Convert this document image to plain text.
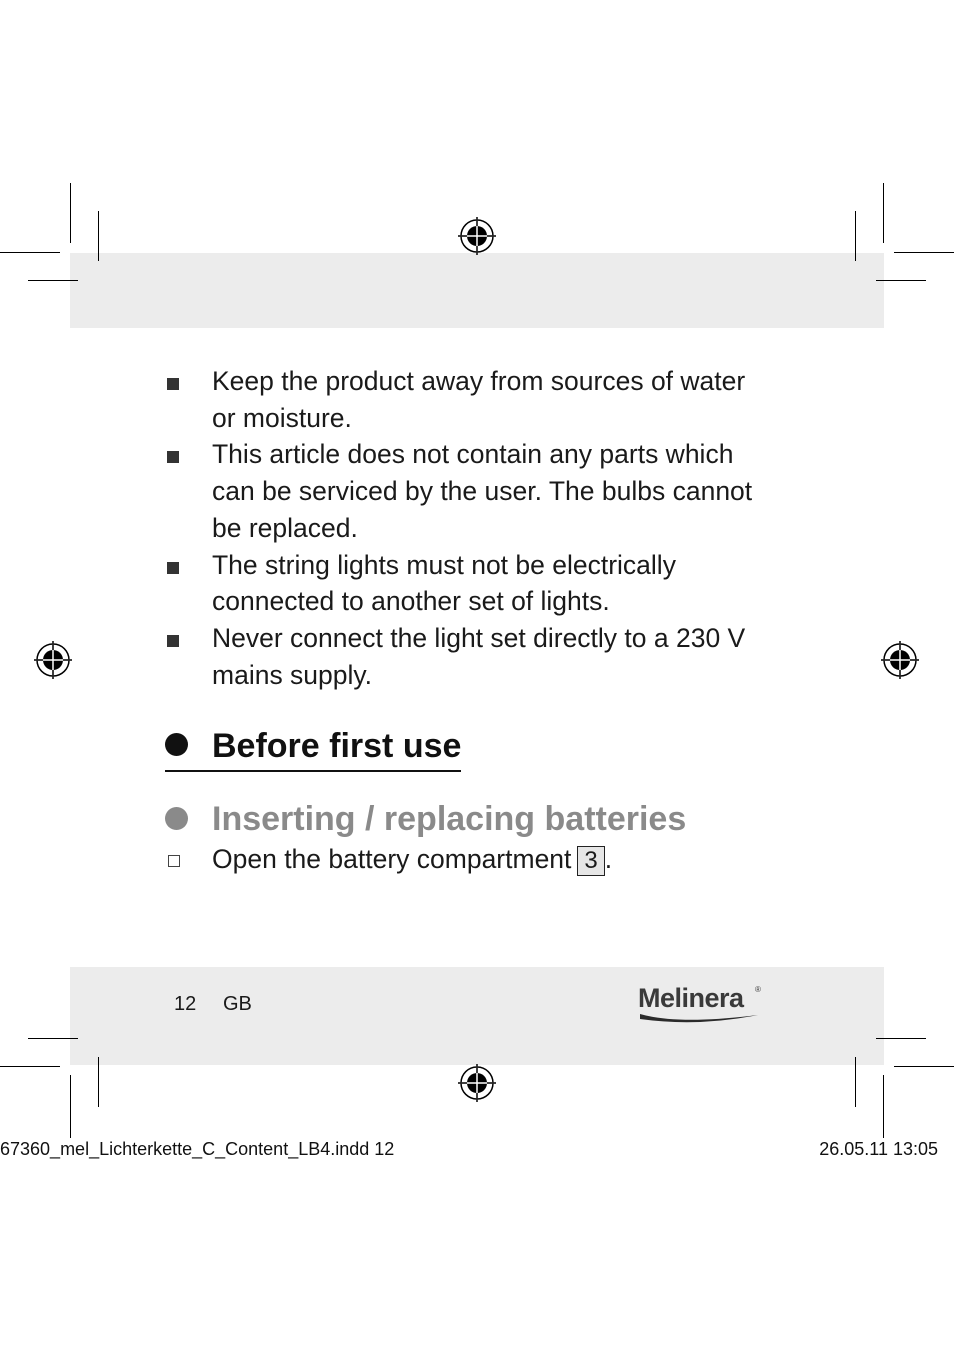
Keep the product away from sources of water or moisture.
This article does not contain any parts which can be serviced by the user. The bulbs cannot be replaced.
The string lights must not be electrically connected to another set of lights.
Never connect the light set directly to a 230 V mains supply.
Before first use
Inserting / replacing batteries
Open the battery compartment 3 .
12 GB	Melinera ®
67360_mel_Lichterkette_C_Content_LB4.indd 12	26.05.11 13:05
